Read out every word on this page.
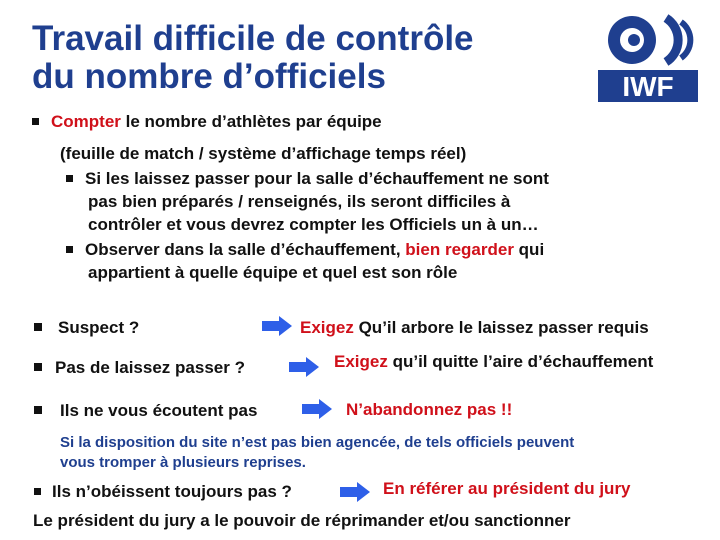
Travail difficile de contrôle
du nombre d’officiels	IWF
Compter le nombre d’athlètes par équipe
(feuille de match / système d’affichage temps réel)
Si les laissez passer pour la salle d’échauffement ne sont
pas bien préparés / renseignés, ils seront difficiles à
contrôler et vous devrez compter les Officiels un à un…
Observer dans la salle d’échauffement, bien regarder qui
appartient à quelle équipe et quel est son rôle
Suspect ?	Exigez Qu’il arbore le laissez passer requis
Pas de laissez passer ?	Exigez qu’il quitte l’aire d’échauffement
Ils ne vous écoutent pas	N’abandonnez pas !!
Si la disposition du site n’est pas bien agencée, de tels officiels peuvent
vous tromper à plusieurs reprises.
Ils n’obéissent toujours pas ?	En référer au président du jury
Le président du jury a le pouvoir de réprimander et/ou sanctionner
